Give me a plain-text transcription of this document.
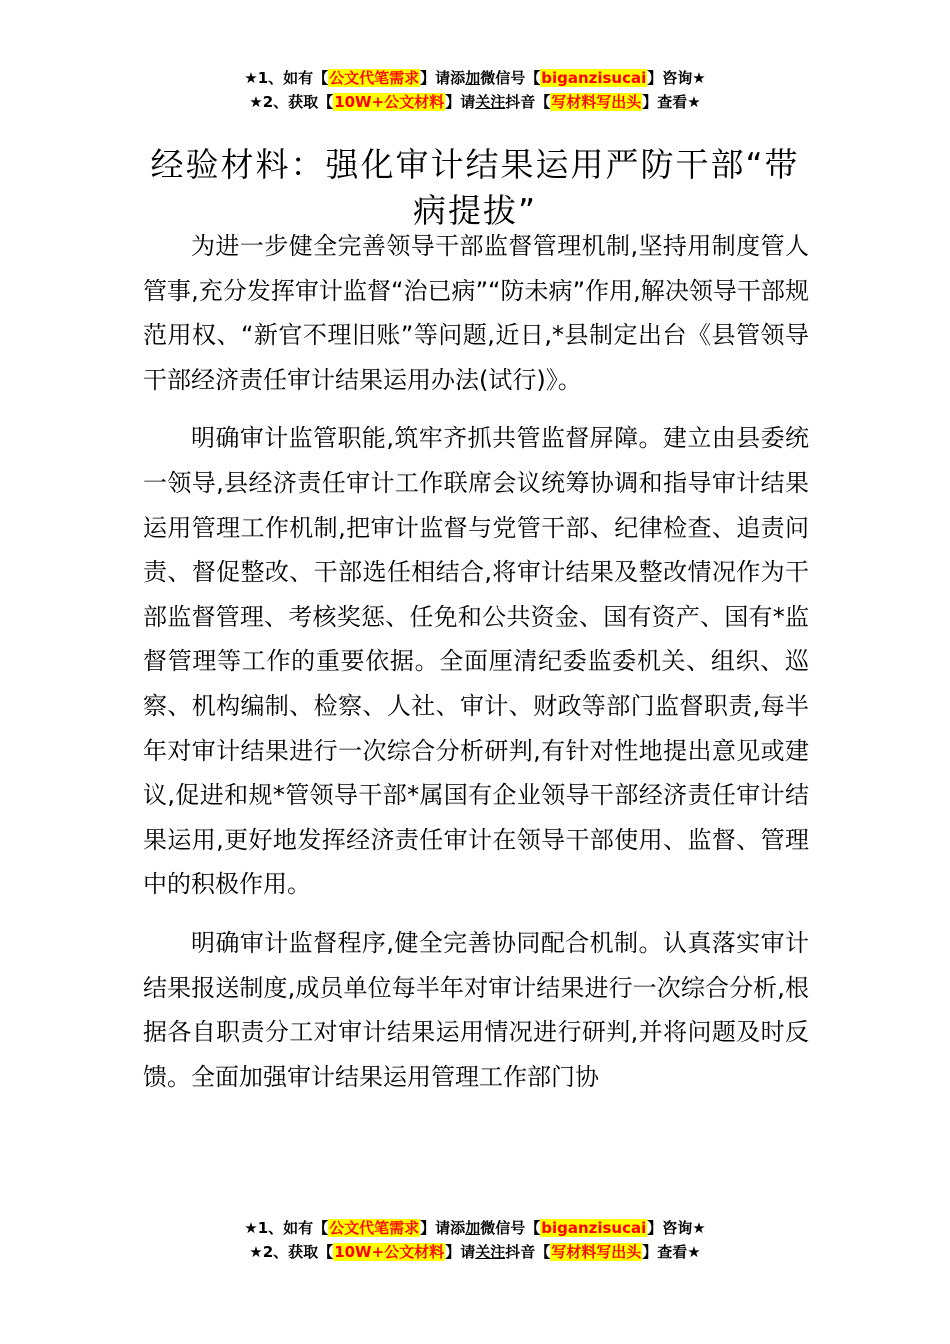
★1、如有【公文代笔需求】请添加微信号【biganzisucai】咨询★
★2、获取【10W+公文材料】请关注抖音【写材料写出头】查看★
经验材料：强化审计结果运用严防干部“带病提拔”

为进一步健全完善领导干部监督管理机制,坚持用制度管人管事,充分发挥审计监督“治已病”“防未病”作用,解决领导干部规范用权、“新官不理旧账”等问题,近日,*县制定出台《县管领导干部经济责任审计结果运用办法(试行)》。

明确审计监管职能,筑牢齐抓共管监督屏障。建立由县委统一领导,县经济责任审计工作联席会议统筹协调和指导审计结果运用管理工作机制,把审计监督与党管干部、纪律检查、追责问责、督促整改、干部选任相结合,将审计结果及整改情况作为干部监督管理、考核奖惩、任免和公共资金、国有资产、国有*监督管理等工作的重要依据。全面厘清纪委监委机关、组织、巡察、机构编制、检察、人社、审计、财政等部门监督职责,每半年对审计结果进行一次综合分析研判,有针对性地提出意见或建议,促进和规*管领导干部*属国有企业领导干部经济责任审计结果运用,更好地发挥经济责任审计在领导干部使用、监督、管理中的积极作用。

明确审计监督程序,健全完善协同配合机制。认真落实审计结果报送制度,成员单位每半年对审计结果进行一次综合分析,根据各自职责分工对审计结果运用情况进行研判,并将问题及时反馈。全面加强审计结果运用管理工作部门协

★1、如有【公文代笔需求】请添加微信号【biganzisucai】咨询★
★2、获取【10W+公文材料】请关注抖音【写材料写出头】查看★
